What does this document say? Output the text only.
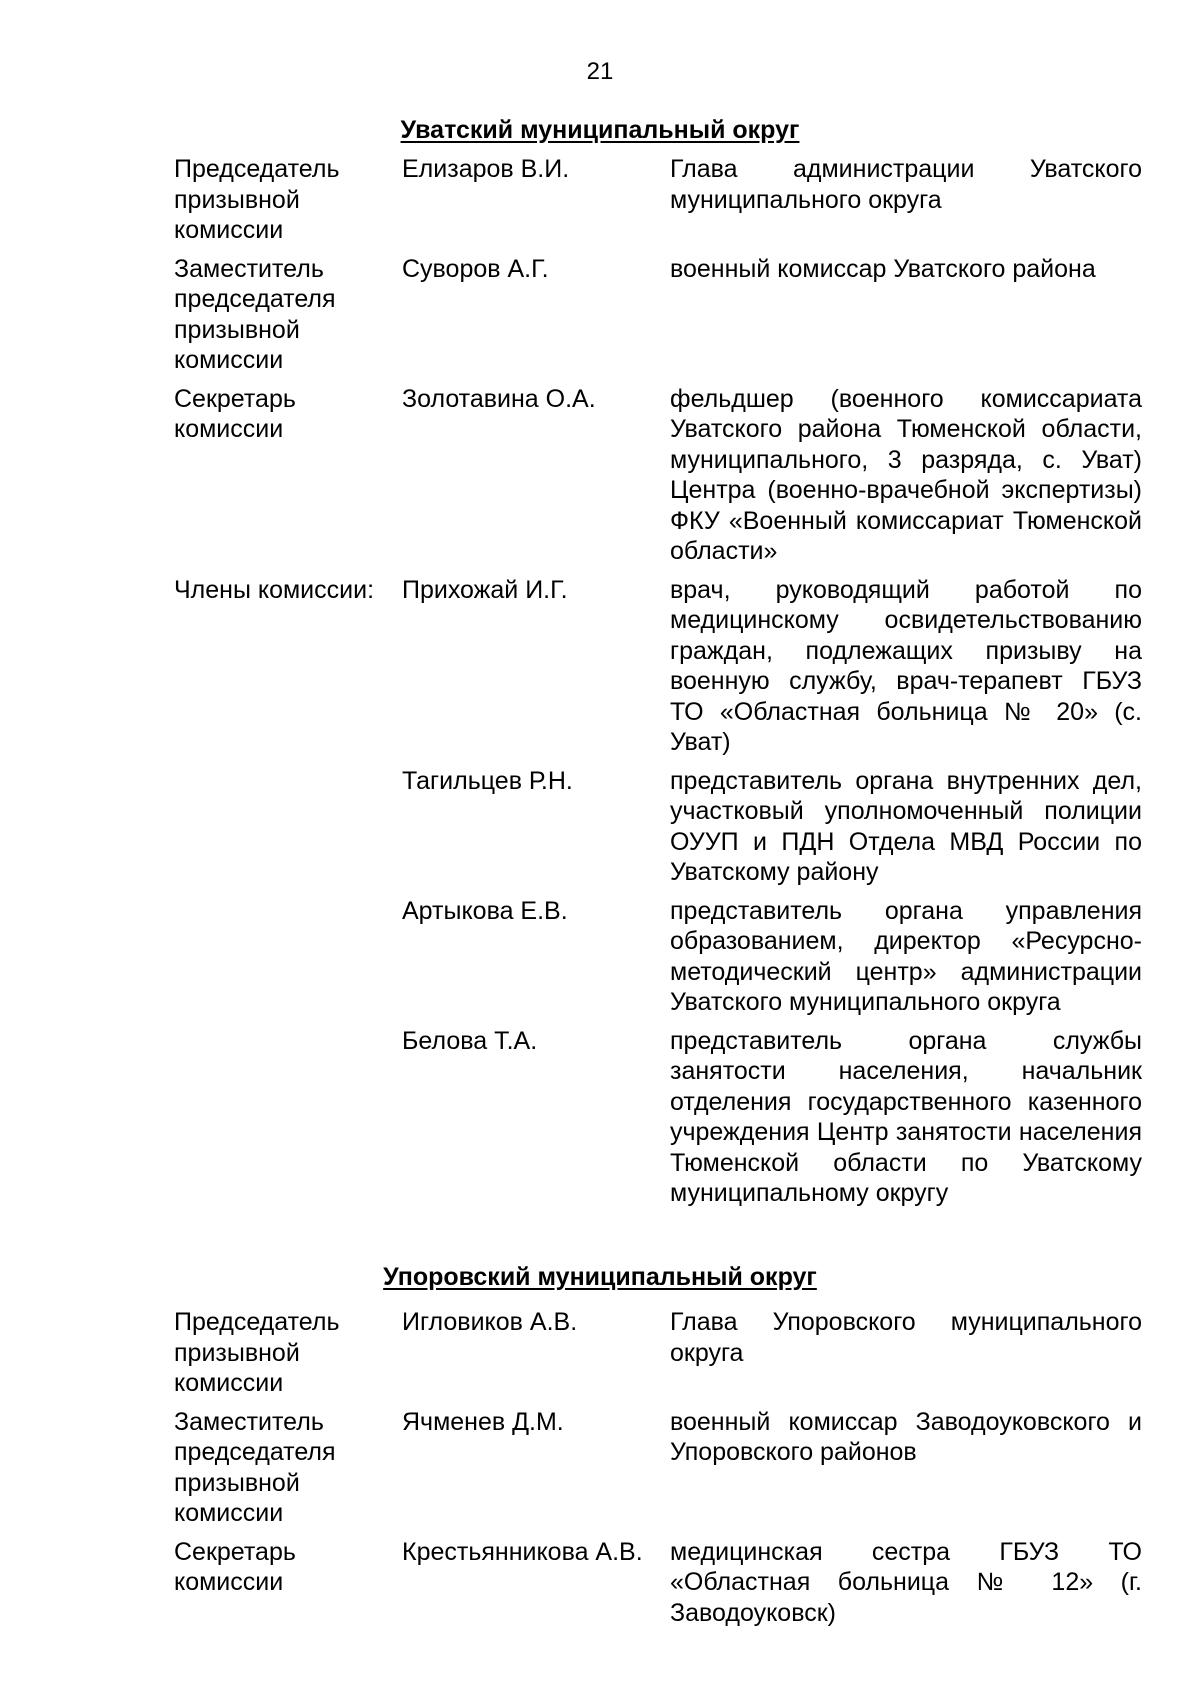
21
Уватский муниципальный округ
Председатель призывной комиссии	Елизаров В.И.	Глава администрации Уватского муниципального округа
Заместитель председателя призывной комиссии	Суворов А.Г.	военный комиссар Уватского района
Секретарь комиссии	Золотавина О.А.	фельдшер (военного комиссариата Уватского района Тюменской области, муниципального, 3 разряда, с. Уват) Центра (военно-врачебной экспертизы) ФКУ «Военный комиссариат Тюменской области»
Члены комиссии:	Прихожай И.Г.	врач, руководящий работой по медицинскому освидетельствованию граждан, подлежащих призыву на военную службу, врач-терапевт ГБУЗ ТО «Областная больница № 20» (с. Уват)
	Тагильцев Р.Н.	представитель органа внутренних дел, участковый уполномоченный полиции ОУУП и ПДН Отдела МВД России по Уватскому району
	Артыкова Е.В.	представитель органа управления образованием, директор «Ресурсно-методический центр» администрации Уватского муниципального округа
	Белова Т.А.	представитель органа службы занятости населения, начальник отделения государственного казенного учреждения Центр занятости населения Тюменской области по Уватскому муниципальному округу
Упоровский муниципальный округ
Председатель призывной комиссии	Игловиков А.В.	Глава Упоровского муниципального округа
Заместитель председателя призывной комиссии	Ячменев Д.М.	военный комиссар Заводоуковского и Упоровского районов
Секретарь комиссии	Крестьянникова А.В.	медицинская сестра ГБУЗ ТО «Областная больница № 12» (г. Заводоуковск)
